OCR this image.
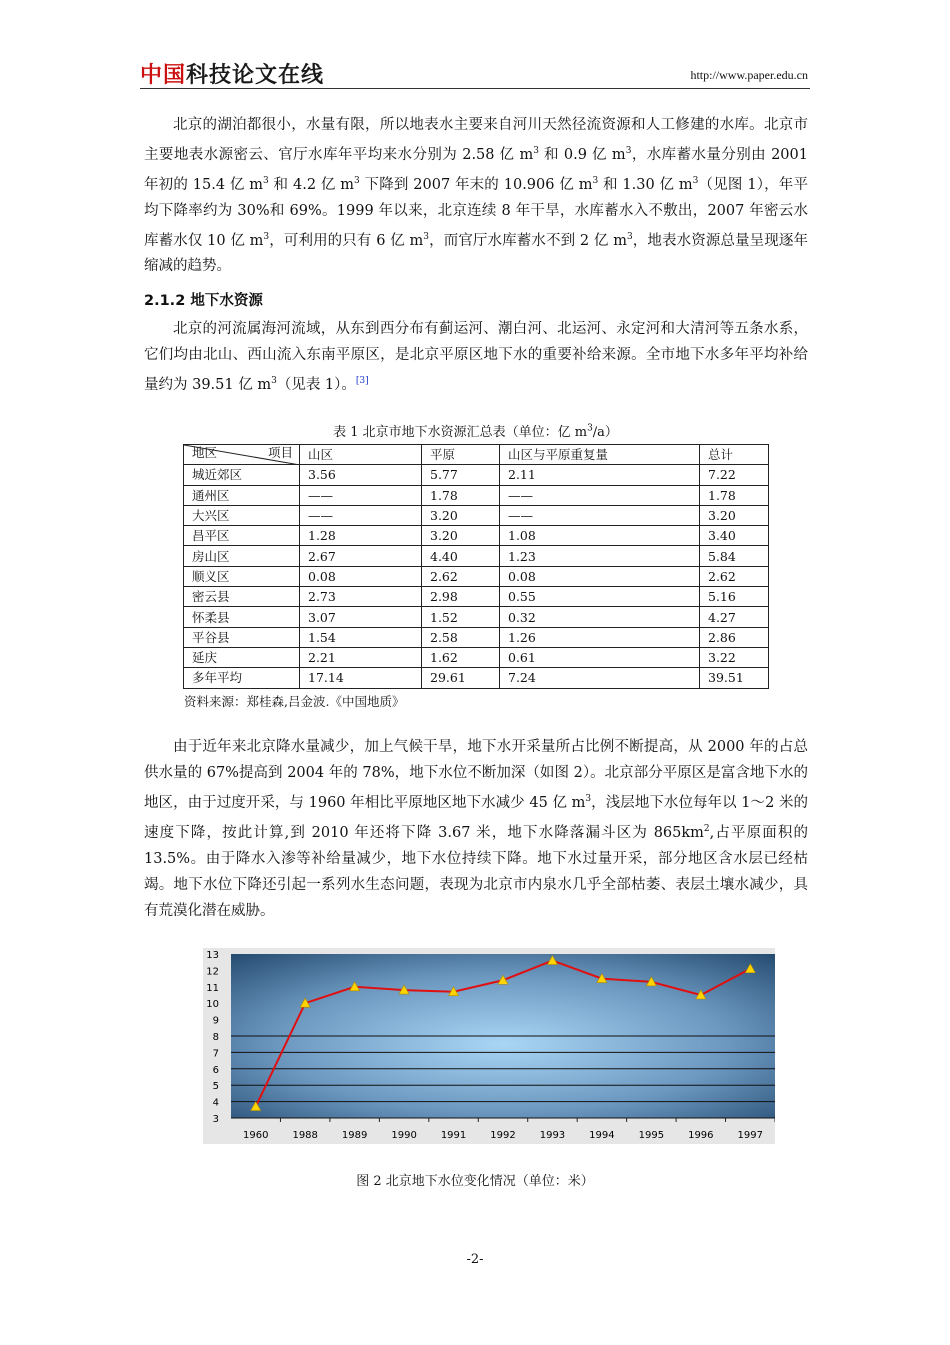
中国科技论文在线	http://www.paper.edu.cn

北京的湖泊都很小，水量有限，所以地表水主要来自河川天然径流资源和人工修建的水库。北京市主要地表水源密云、官厅水库年平均来水分别为 2.58 亿 $m^3$ 和 0.9 亿 $m^3$，水库蓄水量分别由 2001 年初的 15.4 亿 $m^3$ 和 4.2 亿 $m^3$ 下降到 2007 年末的 10.906 亿 $m^3$ 和 1.30 亿 $m^3$（见图 1），年平均下降率约为 30%和 69%。1999 年以来，北京连续 8 年干旱，水库蓄水入不敷出，2007 年密云水库蓄水仅 10 亿 $m^3$，可利用的只有 6 亿 $m^3$，而官厅水库蓄水不到 2 亿 $m^3$，地表水资源总量呈现逐年缩减的趋势。

2.1.2 地下水资源

北京的河流属海河流域，从东到西分布有蓟运河、潮白河、北运河、永定河和大清河等五条水系，它们均由北山、西山流入东南平原区，是北京平原区地下水的重要补给来源。全市地下水多年平均补给量约为 39.51 亿 $m^3$（见表 1）。[3]

表 1 北京市地下水资源汇总表（单位：亿 $m^3/a$）
地区 项目	山区	平原	山区与平原重复量	总计
城近郊区	3.56	5.77	2.11	7.22
通州区	——	1.78	——	1.78
大兴区	——	3.20	——	3.20
昌平区	1.28	3.20	1.08	3.40
房山区	2.67	4.40	1.23	5.84
顺义区	0.08	2.62	0.08	2.62
密云县	2.73	2.98	0.55	5.16
怀柔县	3.07	1.52	0.32	4.27
平谷县	1.54	2.58	1.26	2.86
延庆	2.21	1.62	0.61	3.22
多年平均	17.14	29.61	7.24	39.51
资料来源：郑桂森,吕金波.《中国地质》

由于近年来北京降水量减少，加上气候干旱，地下水开采量所占比例不断提高，从 2000 年的占总供水量的 67%提高到 2004 年的 78%，地下水位不断加深（如图 2）。北京部分平原区是富含地下水的地区，由于过度开采，与 1960 年相比平原地区地下水减少 45 亿 $m^3$，浅层地下水位每年以 1～2 米的速度下降，按此计算,到 2010 年还将下降 3.67 米，地下水降落漏斗区为 $865km^2$,占平原面积的 13.5%。由于降水入渗等补给量减少，地下水位持续下降。地下水过量开采，部分地区含水层已经枯竭。地下水位下降还引起一系列水生态问题，表现为北京市内泉水几乎全部枯萎、表层土壤水减少，具有荒漠化潜在威胁。

3
4
5
6
7
8
9
10
11
12
13
1960 1988 1989 1990 1991 1992 1993 1994 1995 1996 1997
图 2 北京地下水位变化情况（单位：米）
-2-
